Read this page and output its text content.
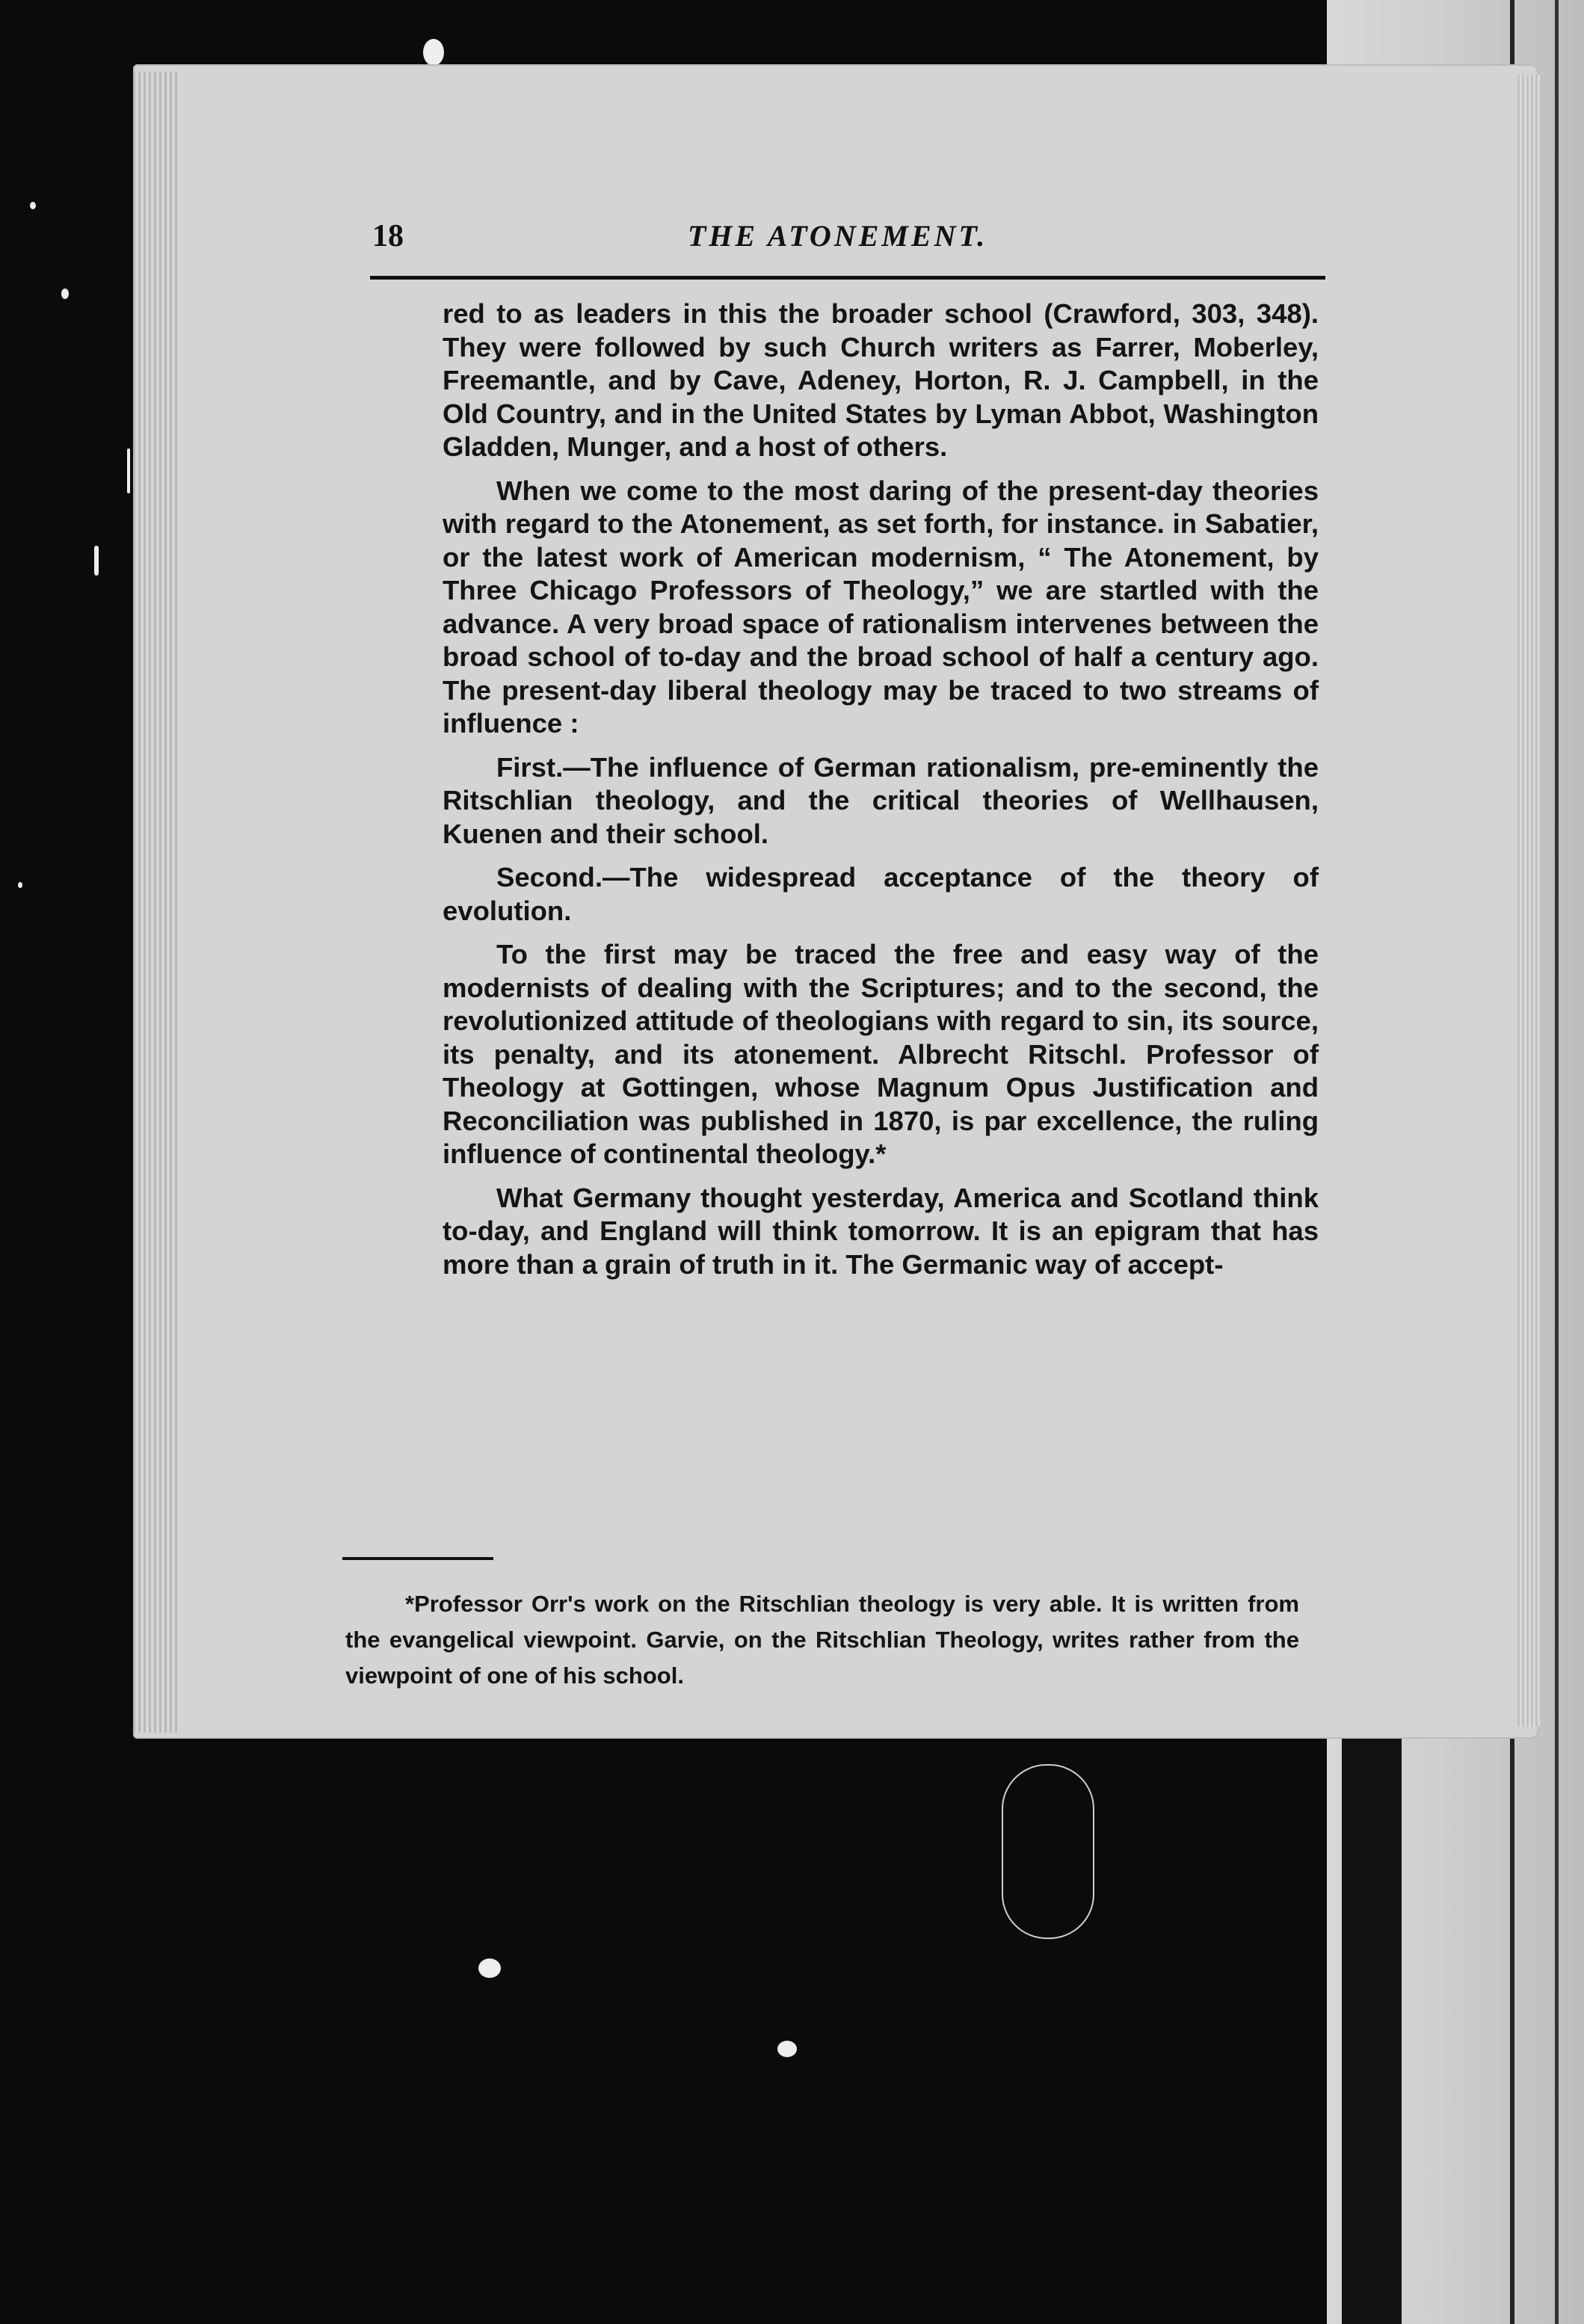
18	THE ATONEMENT.

red to as leaders in this the broader school (Crawford, 303, 348). They were followed by such Church writers as Farrer, Moberley, Freemantle, and by Cave, Adeney, Horton, R. J. Campbell, in the Old Country, and in the United States by Lyman Abbot, Washington Gladden, Munger, and a host of others.

When we come to the most daring of the present-day theories with regard to the Atonement, as set forth, for instance. in Sabatier, or the latest work of American modernism, “ The Atonement, by Three Chicago Professors of Theology,” we are startled with the advance. A very broad space of rationalism intervenes between the broad school of to-day and the broad school of half a century ago. The present-day liberal theology may be traced to two streams of influence :

First.—The influence of German rationalism, pre-eminently the Ritschlian theology, and the critical theories of Wellhausen, Kuenen and their school.

Second.—The widespread acceptance of the theory of evolution.

To the first may be traced the free and easy way of the modernists of dealing with the Scriptures; and to the second, the revolutionized attitude of theologians with regard to sin, its source, its penalty, and its atonement. Albrecht Ritschl. Professor of Theology at Gottingen, whose Magnum Opus Justification and Reconciliation was published in 1870, is par excellence, the ruling influence of continental theology.*

What Germany thought yesterday, America and Scotland think to-day, and England will think tomorrow. It is an epigram that has more than a grain of truth in it. The Germanic way of accept-

*Professor Orr's work on the Ritschlian theology is very able. It is written from the evangelical viewpoint. Garvie, on the Ritschlian Theology, writes rather from the viewpoint of one of his school.
